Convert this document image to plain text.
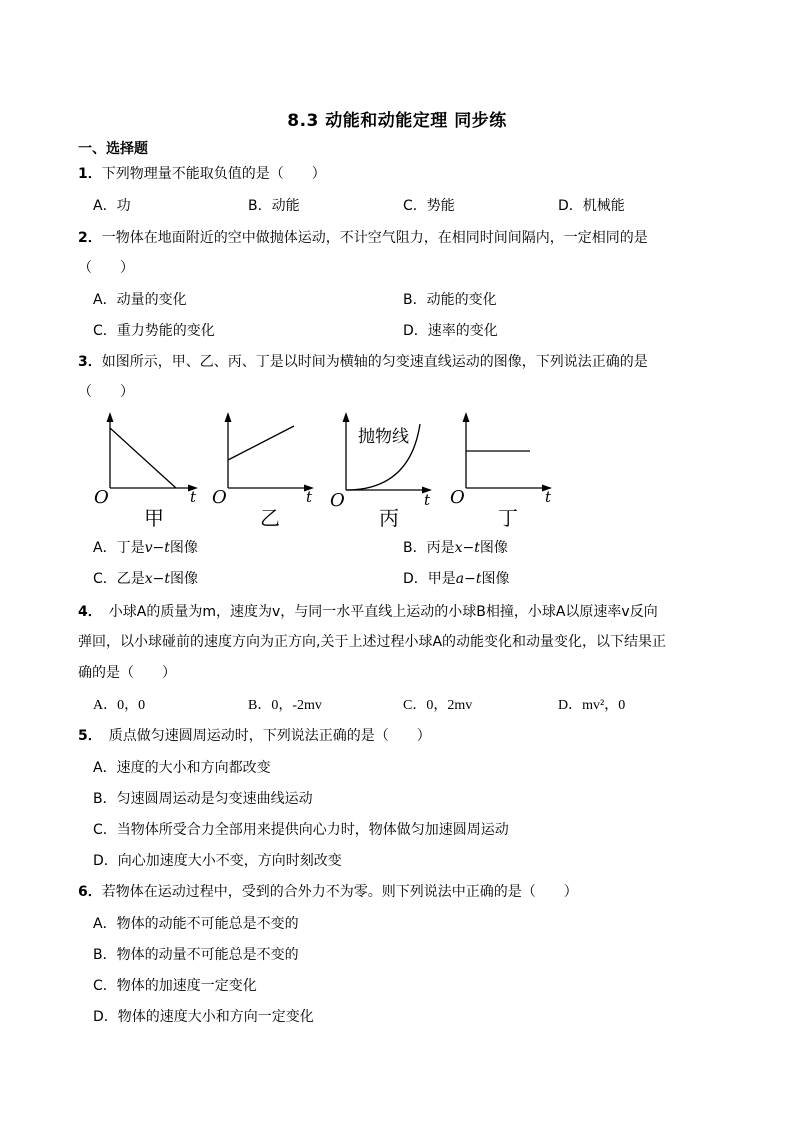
8.3 动能和动能定理 同步练
一、选择题
1．下列物理量不能取负值的是（　　）
A．功	B．动能	C．势能	D．机械能
2．一物体在地面附近的空中做抛体运动，不计空气阻力，在相同时间间隔内，一定相同的是
（　　）
A．动量的变化	B．动能的变化
C．重力势能的变化	D．速率的变化
3．如图所示，甲、乙、丙、丁是以时间为横轴的匀变速直线运动的图像，下列说法正确的是
（　　）
O	t
甲
O	t
乙
抛物线
O	t
丙
O	t
丁
A．丁是v−t图像	B．丙是x−t图像
C．乙是x−t图像	D．甲是a−t图像
4．　小球A的质量为m，速度为v，与同一水平直线上运动的小球B相撞，小球A以原速率v反向
弹回，以小球碰前的速度方向为正方向,关于上述过程小球A的动能变化和动量变化，以下结果正
确的是（　　）
A．0，0	B．0，-2mv	C．0，2mv	D．mv²，0
5．　质点做匀速圆周运动时，下列说法正确的是（　　）
A．速度的大小和方向都改变
B．匀速圆周运动是匀变速曲线运动
C．当物体所受合力全部用来提供向心力时，物体做匀加速圆周运动
D．向心加速度大小不变，方向时刻改变
6．若物体在运动过程中，受到的合外力不为零。则下列说法中正确的是（　　）
A．物体的动能不可能总是不变的
B．物体的动量不可能总是不变的
C．物体的加速度一定变化
D．物体的速度大小和方向一定变化
